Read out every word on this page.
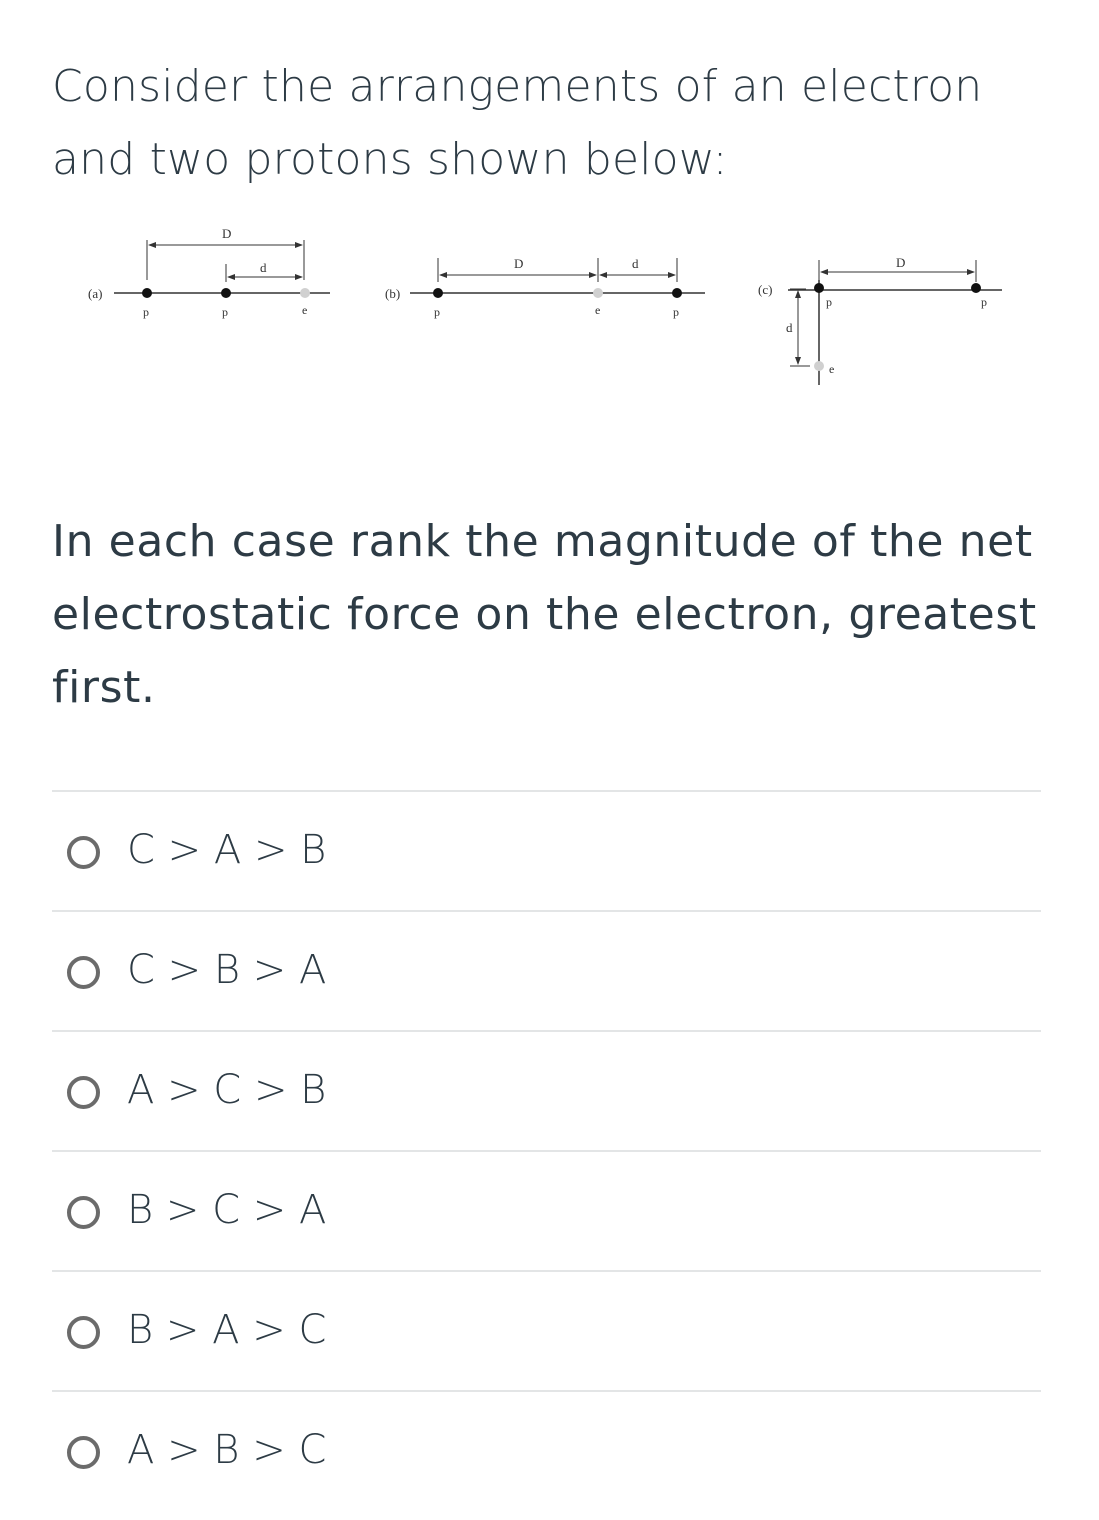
Consider the arrangements of an electron and two protons shown below:

(a)
D
d
p	p	e
(b)
D	d
p	e	p
(c)
D
d
p	p
e

In each case rank the magnitude of the net electrostatic force on the electron, greatest first.

C > A > B
C > B > A
A > C > B
B > C > A
B > A > C
A > B > C
